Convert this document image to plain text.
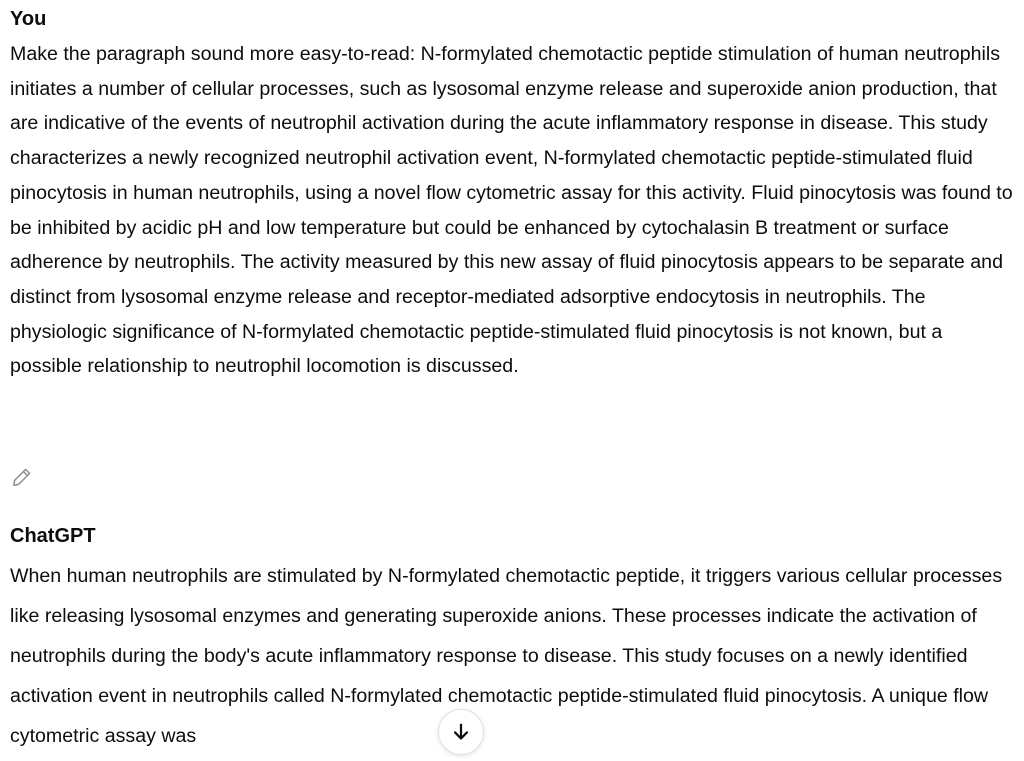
You

Make the paragraph sound more easy-to-read: N-formylated chemotactic peptide stimulation of human neutrophils initiates a number of cellular processes, such as lysosomal enzyme release and superoxide anion production, that are indicative of the events of neutrophil activation during the acute inflammatory response in disease. This study characterizes a newly recognized neutrophil activation event, N-formylated chemotactic peptide-stimulated fluid pinocytosis in human neutrophils, using a novel flow cytometric assay for this activity. Fluid pinocytosis was found to be inhibited by acidic pH and low temperature but could be enhanced by cytochalasin B treatment or surface adherence by neutrophils. The activity measured by this new assay of fluid pinocytosis appears to be separate and distinct from lysosomal enzyme release and receptor-mediated adsorptive endocytosis in neutrophils. The physiologic significance of N-formylated chemotactic peptide-stimulated fluid pinocytosis is not known, but a possible relationship to neutrophil locomotion is discussed.

ChatGPT

When human neutrophils are stimulated by N-formylated chemotactic peptide, it triggers various cellular processes like releasing lysosomal enzymes and generating superoxide anions. These processes indicate the activation of neutrophils during the body's acute inflammatory response to disease. This study focuses on a newly identified activation event in neutrophils called N-formylated chemotactic peptide-stimulated fluid pinocytosis. A unique flow cytometric assay was
